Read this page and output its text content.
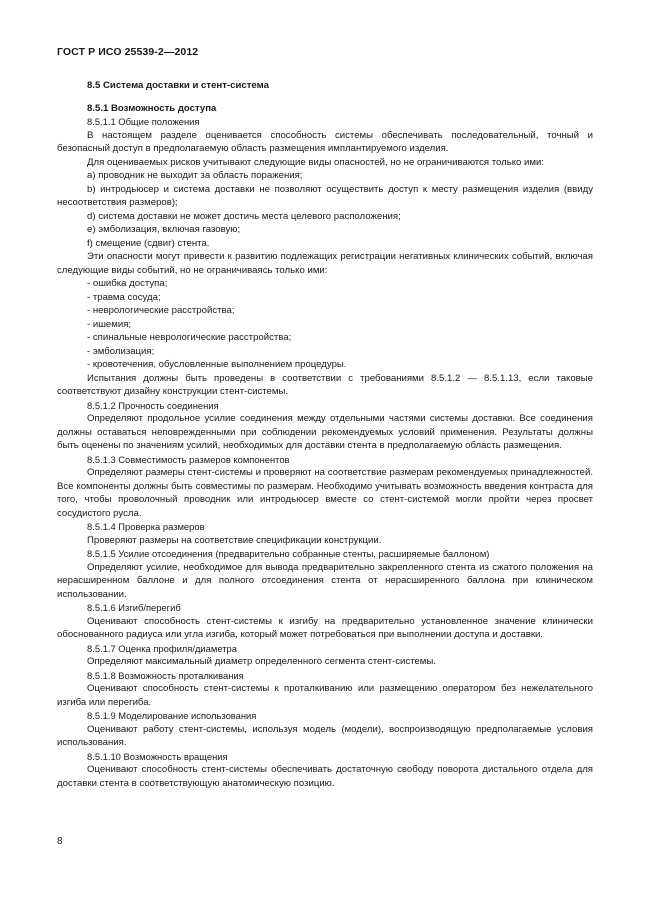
ГОСТ Р ИСО 25539-2—2012

8.5 Система доставки и стент-система

8.5.1 Возможность доступа

8.5.1.1 Общие положения

В настоящем разделе оценивается способность системы обеспечивать последовательный, точный и безопасный доступ в предполагаемую область размещения имплантируемого изделия.

Для оцениваемых рисков учитывают следующие виды опасностей, но не ограничиваются только ими:

a) проводник не выходит за область поражения;

b) интродьюсер и система доставки не позволяют осуществить доступ к месту размещения изделия (ввиду несоответствия размеров);

d) система доставки не может достичь места целевого расположения;

e) эмболизация, включая газовую;

f) смещение (сдвиг) стента.

Эти опасности могут привести к развитию подлежащих регистрации негативных клинических событий, включая следующие виды событий, но не ограничиваясь только ими:

- ошибка доступа;

- травма сосуда;

- неврологические расстройства;

- ишемия;

- спинальные неврологические расстройства;

- эмболизация;

- кровотечения, обусловленные выполнением процедуры.

Испытания должны быть проведены в соответствии с требованиями 8.5.1.2 — 8.5.1.13, если таковые соответствуют дизайну конструкции стент-системы.

8.5.1.2 Прочность соединения

Определяют продольное усилие соединения между отдельными частями системы доставки. Все соединения должны оставаться неповрежденными при соблюдении рекомендуемых условий применения. Результаты должны быть оценены по значениям усилий, необходимых для доставки стента в предполагаемую область размещения.

8.5.1.3 Совместимость размеров компонентов

Определяют размеры стент-системы и проверяют на соответствие размерам рекомендуемых принадлежностей. Все компоненты должны быть совместимы по размерам. Необходимо учитывать возможность введения контраста для того, чтобы проволочный проводник или интродьюсер вместе со стент-системой могли пройти через просвет сосудистого русла.

8.5.1.4 Проверка размеров

Проверяют размеры на соответствие спецификации конструкции.

8.5.1.5 Усилие отсоединения (предварительно собранные стенты, расширяемые баллоном)

Определяют усилие, необходимое для вывода предварительно закрепленного стента из сжатого положения на нерасширенном баллоне и для полного отсоединения стента от нерасширенного баллона при клиническом использовании.

8.5.1.6 Изгиб/перегиб

Оценивают способность стент-системы к изгибу на предварительно установленное значение клинически обоснованного радиуса или угла изгиба, который может потребоваться при выполнении доступа и доставки.

8.5.1.7 Оценка профиля/диаметра

Определяют максимальный диаметр определенного сегмента стент-системы.

8.5.1.8 Возможность проталкивания

Оценивают способность стент-системы к проталкиванию или размещению оператором без нежелательного изгиба или перегиба.

8.5.1.9 Моделирование использования

Оценивают работу стент-системы, используя модель (модели), воспроизводящую предполагаемые условия использования.

8.5.1.10 Возможность вращения

Оценивают способность стент-системы обеспечивать достаточную свободу поворота дистального отдела для доставки стента в соответствующую анатомическую позицию.

8
